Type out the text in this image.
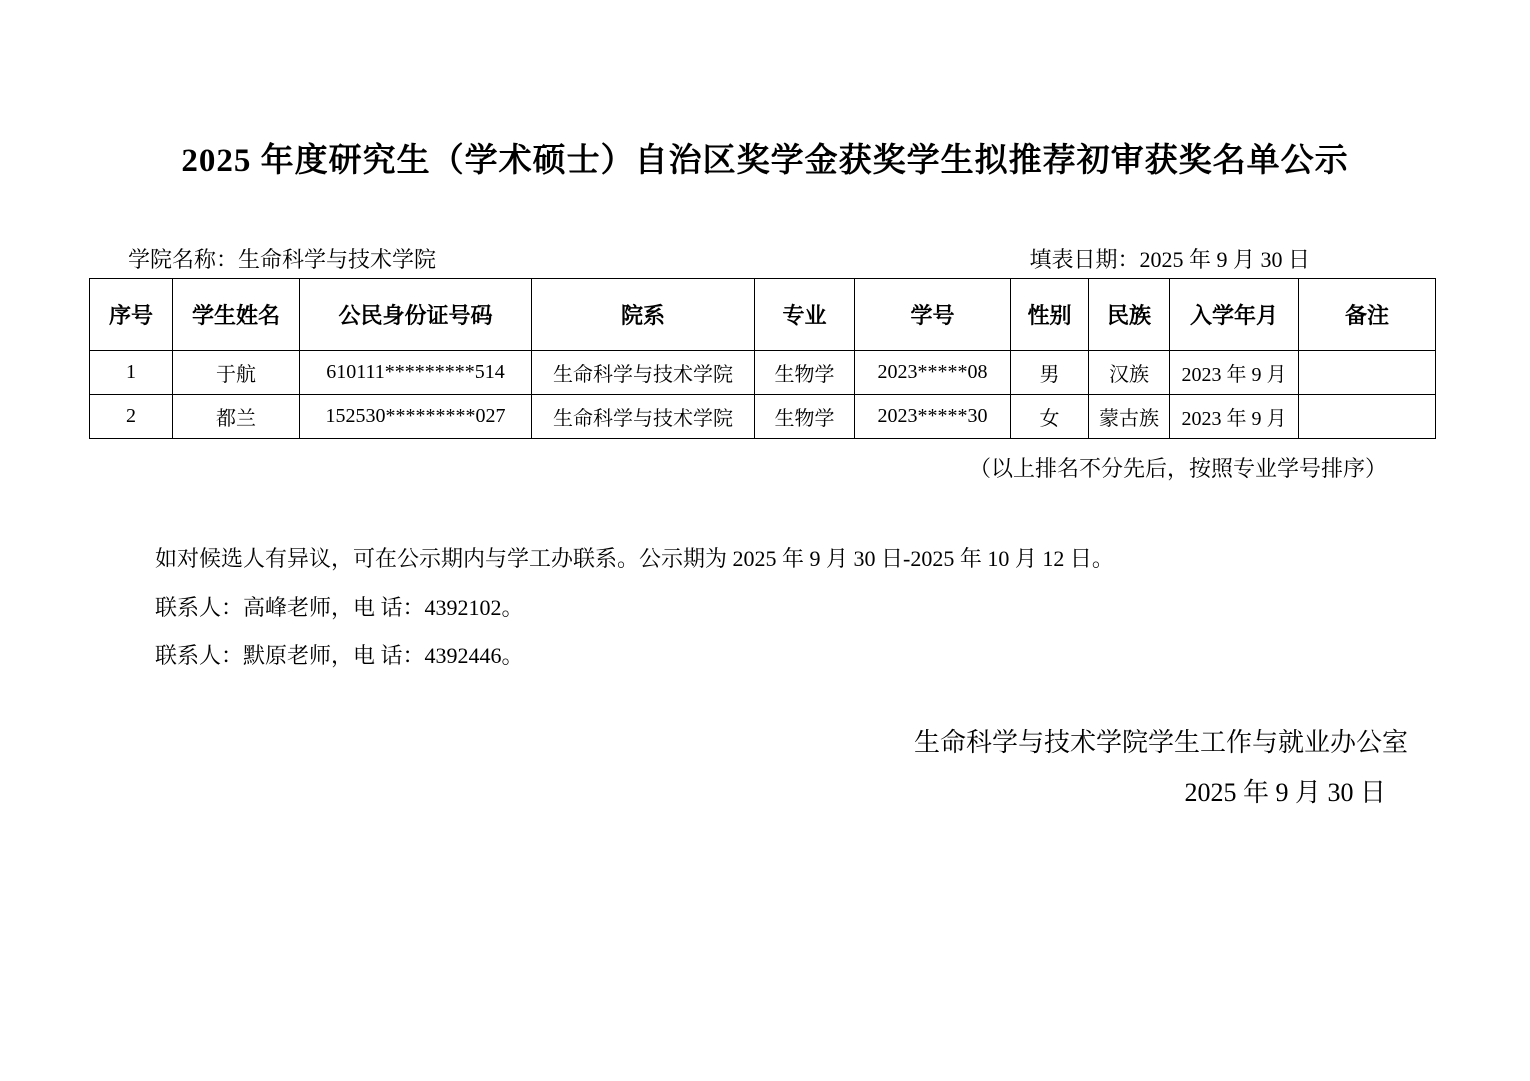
2025 年度研究生（学术硕士）自治区奖学金获奖学生拟推荐初审获奖名单公示
学院名称：生命科学与技术学院	填表日期：2025 年 9 月 30 日
序号	学生姓名	公民身份证号码	院系	专业	学号	性别	民族	入学年月	备注
1	于航	610111*********514	生命科学与技术学院	生物学	2023*****08	男	汉族	2023 年 9 月	
2	都兰	152530*********027	生命科学与技术学院	生物学	2023*****30	女	蒙古族	2023 年 9 月	
（以上排名不分先后，按照专业学号排序）
如对候选人有异议，可在公示期内与学工办联系。公示期为 2025 年 9 月 30 日-2025 年 10 月 12 日。
联系人：高峰老师，电 话：4392102。
联系人：默原老师，电 话：4392446。
生命科学与技术学院学生工作与就业办公室
2025 年 9 月 30 日
